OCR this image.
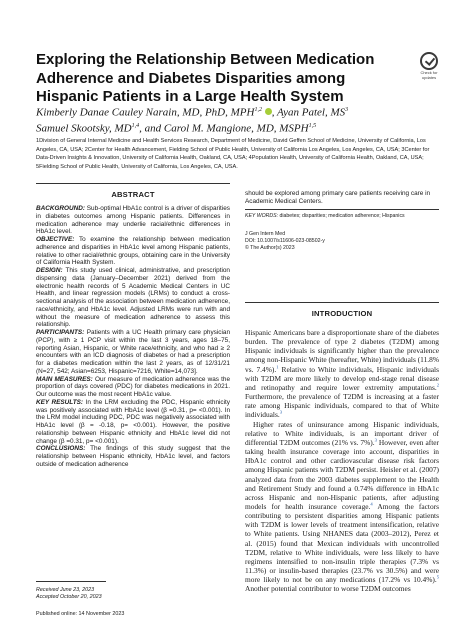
Exploring the Relationship Between Medication Adherence and Diabetes Disparities among Hispanic Patients in a Large Health System
Check for updates
Kimberly Danae Cauley Narain, MD, PhD, MPH$^{1,2}$ , Ayan Patel, $MS^3$
Samuel Skootsky, MD$^{1,4}$, and Carol M. Mangione, MD, MSPH$^{1,5}$
1Division of General Internal Medicine and Health Services Research, Department of Medicine, David Geffen School of Medicine, University of California, Los Angeles, CA, USA; 2Center for Health Advancement, Fielding School of Public Health, University of California Los Angeles, Los Angeles, CA, USA; 3Center for Data-Driven Insights & Innovation, University of California Health, Oakland, CA, USA; 4Population Health, University of California Health, Oakland, CA, USA; 5Fielding School of Public Health, University of California, Los Angeles, CA, USA.
ABSTRACT

BACKGROUND: Sub-optimal HbA1c control is a driver of disparities in diabetes outcomes among Hispanic patients. Differences in medication adherence may underlie racial/ethnic differences in HbA1c level.

OBJECTIVE: To examine the relationship between medication adherence and disparities in HbA1c level among Hispanic patients, relative to other racial/ethnic groups, obtaining care in the University of California Health System.

DESIGN: This study used clinical, administrative, and prescription dispensing data (January–December 2021) derived from the electronic health records of 5 Academic Medical Centers in UC Health, and linear regression models (LRMs) to conduct a cross-sectional analysis of the association between medication adherence, race/ethnicity, and HbA1c level. Adjusted LRMs were run with and without the measure of medication adherence to assess this relationship.

PARTICIPANTS: Patients with a UC Health primary care physician (PCP), with ≥ 1 PCP visit within the last 3 years, ages 18–75, reporting Asian, Hispanic, or White race/ethnicity, and who had ≥ 2 encounters with an ICD diagnosis of diabetes or had a prescription for a diabetes medication within the last 2 years, as of 12/31/21 (N=27, 542; Asian=6253, Hispanic=7216, White=14,073].

MAIN MEASURES: Our measure of medication adherence was the proportion of days covered (PDC) for diabetes medications in 2021. Our outcome was the most recent HbA1c value.

KEY RESULTS: In the LRM excluding the PDC, Hispanic ethnicity was positively associated with HbA1c level (β =0.31, p= <0.001). In the LRM model including PDC, PDC was negatively associated with HbA1c level (β = -0.18, p= <0.001). However, the positive relationship between Hispanic ethnicity and HbA1c level did not change (β =0.31, p= <0.001).

CONCLUSIONS: The findings of this study suggest that the relationship between Hispanic ethnicity, HbA1c level, and factors outside of medication adherence

Received June 23, 2023
Accepted October 20, 2023
Published online: 14 November 2023
should be explored among primary care patients receiving care in Academic Medical Centers.
KEY WORDS: diabetes; disparities; medication adherence; Hispanics
J Gen Intern Med
DOI: 10.1007/s11606-023-08502-y
© The Author(s) 2023
INTRODUCTION

Hispanic Americans bare a disproportionate share of the diabetes burden. The prevalence of type 2 diabetes (T2DM) among Hispanic individuals is significantly higher than the prevalence among non-Hispanic White (hereafter, White) individuals (11.8% vs. 7.4%).$^1$ Relative to White individuals, Hispanic individuals with T2DM are more likely to develop end-stage renal disease and retinopathy and require lower extremity amputations.$^2$ Furthermore, the prevalence of T2DM is increasing at a faster rate among Hispanic individuals, compared to that of White individuals.$^3$

Higher rates of uninsurance among Hispanic individuals, relative to White individuals, is an important driver of differential T2DM outcomes (21% vs. 7%).$^3$ However, even after taking health insurance coverage into account, disparities in HbA1c control and other cardiovascular disease risk factors among Hispanic patients with T2DM persist. Heisler et al. (2007) analyzed data from the 2003 diabetes supplement to the Health and Retirement Study and found a 0.74% difference in HbA1c across Hispanic and non-Hispanic patients, after adjusting models for health insurance coverage.$^4$ Among the factors contributing to persistent disparities among Hispanic patients with T2DM is lower levels of treatment intensification, relative to White patients. Using NHANES data (2003–2012), Perez et al. (2015) found that Mexican individuals with uncontrolled T2DM, relative to White individuals, were less likely to have regimens intensified to non-insulin triple therapies (7.3% vs 11.3%) or insulin-based therapies (23.7% vs 30.5%) and were more likely to not be on any medications (17.2% vs 10.4%).$^5$ Another potential contributor to worse T2DM outcomes
